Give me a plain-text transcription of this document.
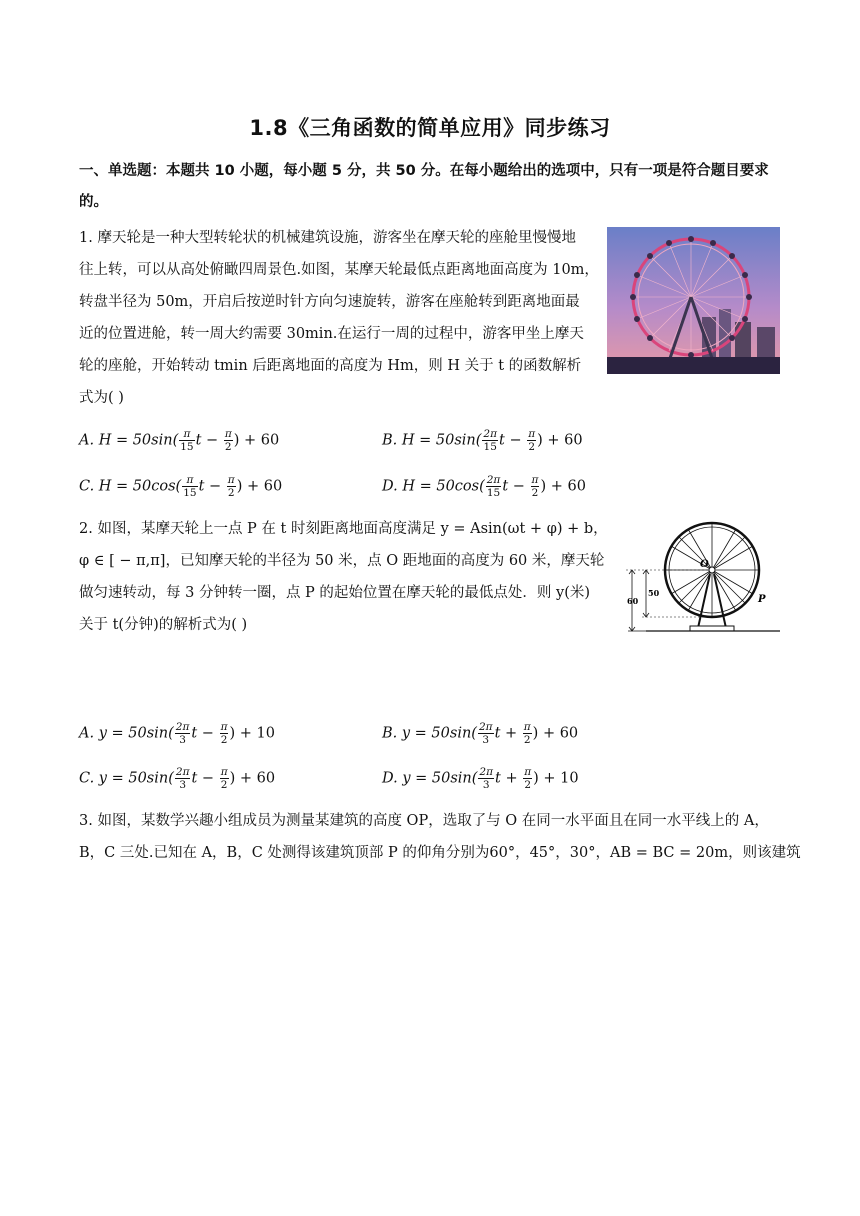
1.8《三角函数的简单应用》同步练习
一、单选题：本题共 10 小题，每小题 5 分，共 50 分。在每小题给出的选项中，只有一项是符合题目要求的。
1. 摩天轮是一种大型转轮状的机械建筑设施，游客坐在摩天轮的座舱里慢慢地
往上转，可以从高处俯瞰四周景色.如图，某摩天轮最低点距离地面高度为 10m，
转盘半径为 50m，开启后按逆时针方向匀速旋转，游客在座舱转到距离地面最
近的位置进舱，转一周大约需要 30min.在运行一周的过程中，游客甲坐上摩天
轮的座舱，开始转动 tmin 后距离地面的高度为 Hm，则 H 关于 t 的函数解析
式为( )
A. $H = 50\sin( \frac{\pi}{15}$ $t - \frac{\pi}{2}$ ) + 60	B. $H = 50\sin( \frac{2\pi}{15}$ $t - \frac{\pi}{2}$ ) + 60
C. $H = 50\cos( \frac{\pi}{15}$ $t - \frac{\pi}{2}$ ) + 60	D. $H = 50\cos( \frac{2\pi}{15}$ $t - \frac{\pi}{2}$ ) + 60
2. 如图，某摩天轮上一点 P 在 t 时刻距离地面高度满足 y = Asin(ωt + φ) + b，
φ ∈ [ − π,π]，已知摩天轮的半径为 50 米，点 O 距地面的高度为 60 米，摩天轮
做匀速转动，每 3 分钟转一圈，点 P 的起始位置在摩天轮的最低点处．则 y(米)
关于 t(分钟)的解析式为( )
60
50
O
P
A. $y = 50\sin( \frac{2\pi}{3}$ $t - \frac{\pi}{2}$ ) + 10	B. $y = 50\sin( \frac{2\pi}{3}$ $t + \frac{\pi}{2}$ ) + 60
C. $y = 50\sin( \frac{2\pi}{3}$ $t - \frac{\pi}{2}$ ) + 60	D. $y = 50\sin( \frac{2\pi}{3}$ $t + \frac{\pi}{2}$ ) + 10
3. 如图，某数学兴趣小组成员为测量某建筑的高度 OP，选取了与 O 在同一水平面且在同一水平线上的 A，
B，C 三处.已知在 A，B，C 处测得该建筑顶部 P 的仰角分别为60°，45°，30°，AB = BC = 20m，则该建筑
